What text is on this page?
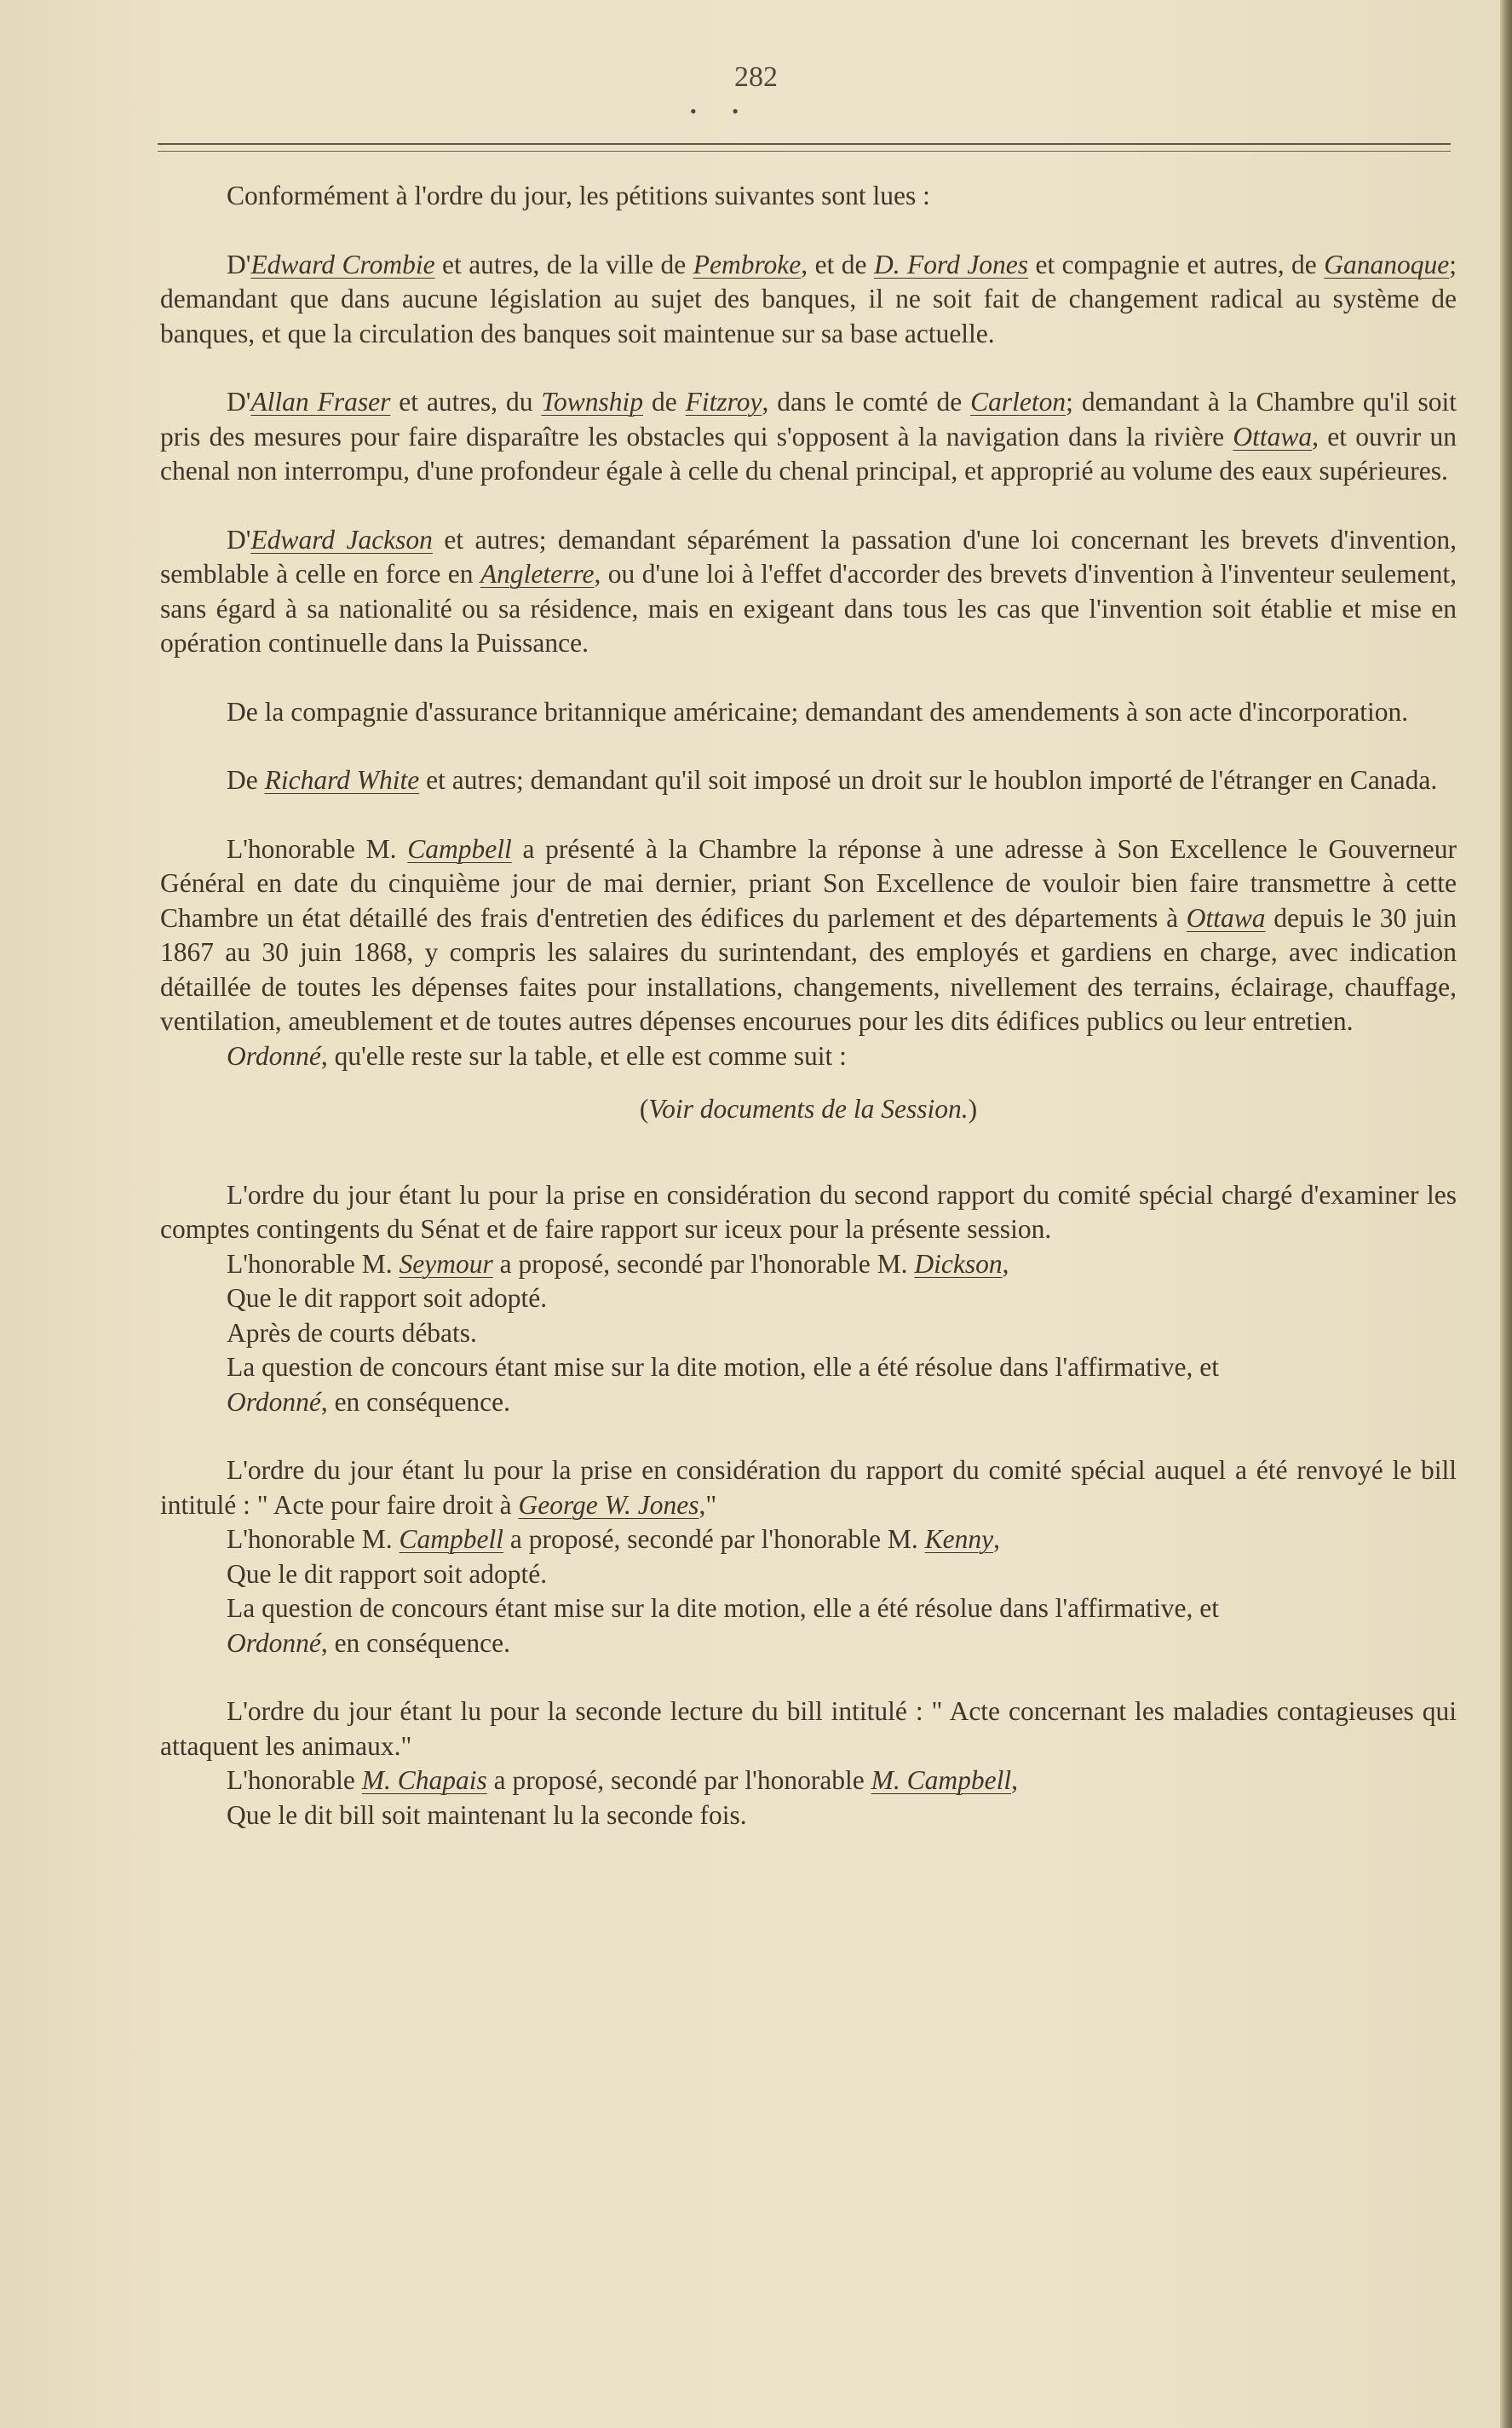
282
• •

Conformément à l'ordre du jour, les pétitions suivantes sont lues :

D'Edward Crombie et autres, de la ville de Pembroke, et de D. Ford Jones et compagnie et autres, de Gananoque; demandant que dans aucune législation au sujet des banques, il ne soit fait de changement radical au système de banques, et que la circulation des banques soit maintenue sur sa base actuelle.

D'Allan Fraser et autres, du Township de Fitzroy, dans le comté de Carleton; demandant à la Chambre qu'il soit pris des mesures pour faire disparaître les obstacles qui s'opposent à la navigation dans la rivière Ottawa, et ouvrir un chenal non interrompu, d'une profondeur égale à celle du chenal principal, et approprié au volume des eaux supérieures.

D'Edward Jackson et autres; demandant séparément la passation d'une loi concernant les brevets d'invention, semblable à celle en force en Angleterre, ou d'une loi à l'effet d'accorder des brevets d'invention à l'inventeur seulement, sans égard à sa nationalité ou sa résidence, mais en exigeant dans tous les cas que l'invention soit établie et mise en opération continuelle dans la Puissance.

De la compagnie d'assurance britannique américaine; demandant des amendements à son acte d'incorporation.

De Richard White et autres; demandant qu'il soit imposé un droit sur le houblon importé de l'étranger en Canada.

L'honorable M. Campbell a présenté à la Chambre la réponse à une adresse à Son Excellence le Gouverneur Général en date du cinquième jour de mai dernier, priant Son Excellence de vouloir bien faire transmettre à cette Chambre un état détaillé des frais d'entretien des édifices du parlement et des départements à Ottawa depuis le 30 juin 1867 au 30 juin 1868, y compris les salaires du surintendant, des employés et gardiens en charge, avec indication détaillée de toutes les dépenses faites pour installations, changements, nivellement des terrains, éclairage, chauffage, ventilation, ameublement et de toutes autres dépenses encourues pour les dits édifices publics ou leur entretien.

Ordonné, qu'elle reste sur la table, et elle est comme suit :

(Voir documents de la Session.)

L'ordre du jour étant lu pour la prise en considération du second rapport du comité spécial chargé d'examiner les comptes contingents du Sénat et de faire rapport sur iceux pour la présente session.

L'honorable M. Seymour a proposé, secondé par l'honorable M. Dickson,

Que le dit rapport soit adopté.

Après de courts débats.

La question de concours étant mise sur la dite motion, elle a été résolue dans l'affirmative, et

Ordonné, en conséquence.

L'ordre du jour étant lu pour la prise en considération du rapport du comité spécial auquel a été renvoyé le bill intitulé : " Acte pour faire droit à George W. Jones,"

L'honorable M. Campbell a proposé, secondé par l'honorable M. Kenny,

Que le dit rapport soit adopté.

La question de concours étant mise sur la dite motion, elle a été résolue dans l'affirmative, et

Ordonné, en conséquence.

L'ordre du jour étant lu pour la seconde lecture du bill intitulé : " Acte concernant les maladies contagieuses qui attaquent les animaux."

L'honorable M. Chapais a proposé, secondé par l'honorable M. Campbell,

Que le dit bill soit maintenant lu la seconde fois.
